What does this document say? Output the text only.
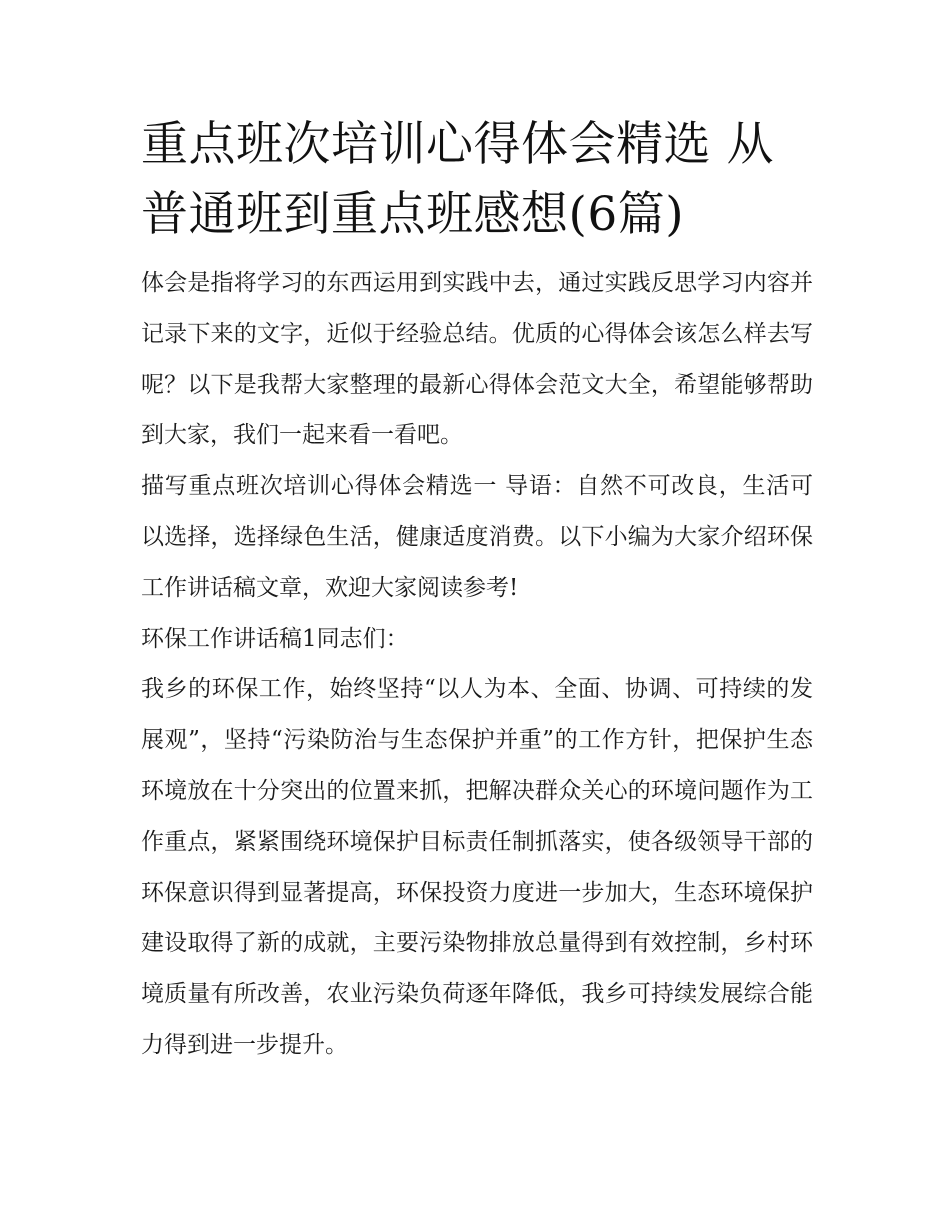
重点班次培训心得体会精选 从普通班到重点班感想(6篇)

体会是指将学习的东西运用到实践中去，通过实践反思学习内容并记录下来的文字，近似于经验总结。优质的心得体会该怎么样去写呢？以下是我帮大家整理的最新心得体会范文大全，希望能够帮助到大家，我们一起来看一看吧。

描写重点班次培训心得体会精选一 导语：自然不可改良，生活可以选择，选择绿色生活，健康适度消费。以下小编为大家介绍环保工作讲话稿文章，欢迎大家阅读参考!

环保工作讲话稿1同志们：

我乡的环保工作，始终坚持“以人为本、全面、协调、可持续的发展观”，坚持“污染防治与生态保护并重”的工作方针，把保护生态环境放在十分突出的位置来抓，把解决群众关心的环境问题作为工作重点，紧紧围绕环境保护目标责任制抓落实，使各级领导干部的环保意识得到显著提高，环保投资力度进一步加大，生态环境保护建设取得了新的成就，主要污染物排放总量得到有效控制，乡村环境质量有所改善，农业污染负荷逐年降低，我乡可持续发展综合能力得到进一步提升。
